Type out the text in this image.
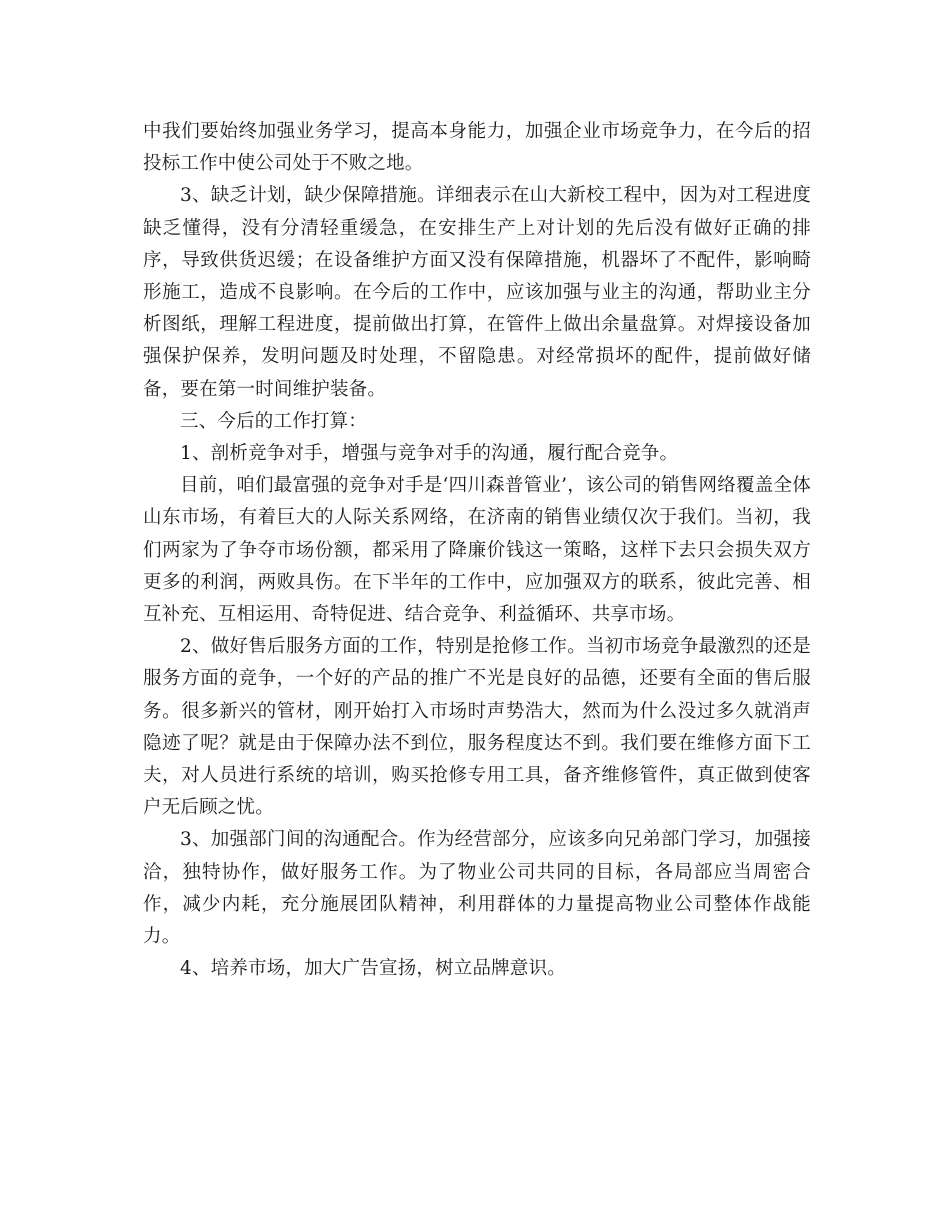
中我们要始终加强业务学习，提高本身能力，加强企业市场竞争力，在今后的招投标工作中使公司处于不败之地。

3、缺乏计划，缺少保障措施。详细表示在山大新校工程中，因为对工程进度缺乏懂得，没有分清轻重缓急，在安排生产上对计划的先后没有做好正确的排序，导致供货迟缓；在设备维护方面又没有保障措施，机器坏了不配件，影响畸形施工，造成不良影响。在今后的工作中，应该加强与业主的沟通，帮助业主分析图纸，理解工程进度，提前做出打算，在管件上做出余量盘算。对焊接设备加强保护保养，发明问题及时处理，不留隐患。对经常损坏的配件，提前做好储备，要在第一时间维护装备。

三、今后的工作打算：

1、剖析竞争对手，增强与竞争对手的沟通，履行配合竞争。

目前，咱们最富强的竞争对手是‘四川森普管业’，该公司的销售网络覆盖全体山东市场，有着巨大的人际关系网络，在济南的销售业绩仅次于我们。当初，我们两家为了争夺市场份额，都采用了降廉价钱这一策略，这样下去只会损失双方更多的利润，两败具伤。在下半年的工作中，应加强双方的联系，彼此完善、相互补充、互相运用、奇特促进、结合竞争、利益循环、共享市场。

2、做好售后服务方面的工作，特别是抢修工作。当初市场竞争最激烈的还是服务方面的竞争，一个好的产品的推广不光是良好的品德，还要有全面的售后服务。很多新兴的管材，刚开始打入市场时声势浩大，然而为什么没过多久就消声隐迹了呢？就是由于保障办法不到位，服务程度达不到。我们要在维修方面下工夫，对人员进行系统的培训，购买抢修专用工具，备齐维修管件，真正做到使客户无后顾之忧。

3、加强部门间的沟通配合。作为经营部分，应该多向兄弟部门学习，加强接洽，独特协作，做好服务工作。为了物业公司共同的目标，各局部应当周密合作，减少内耗，充分施展团队精神，利用群体的力量提高物业公司整体作战能力。

4、培养市场，加大广告宣扬，树立品牌意识。
